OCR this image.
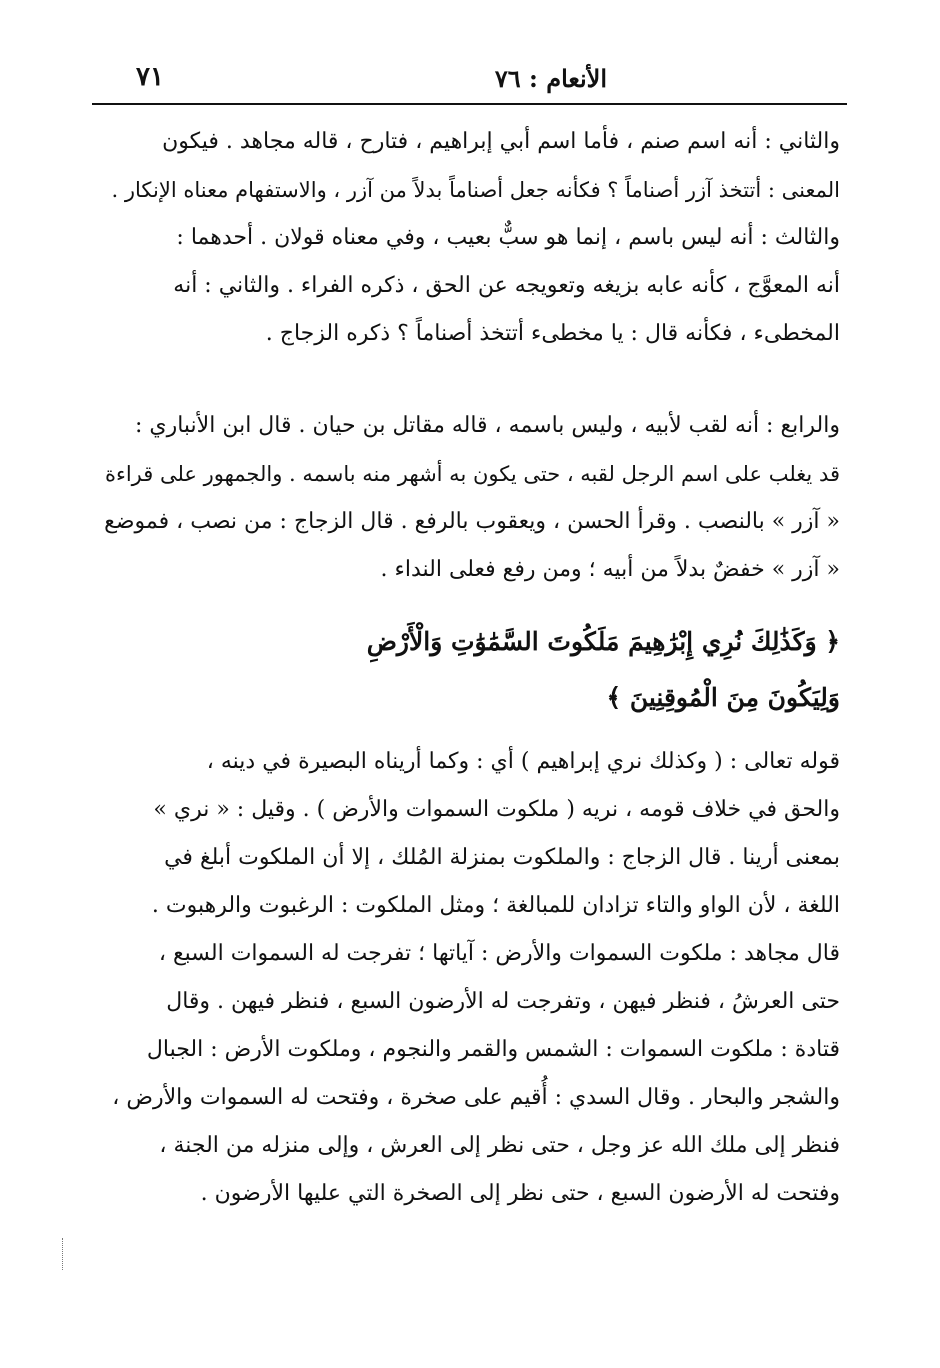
الأنعام : ٧٦
٧١
والثاني : أنه اسم صنم ، فأما اسم أبي إبراهيم ، فتارح ، قاله مجاهد . فيكون
المعنى : أتتخذ آزر أصناماً ؟ فكأنه جعل أصناماً بدلاً من آزر ، والاستفهام معناه الإنكار .
والثالث : أنه ليس باسم ، إنما هو سبٌّ بعيب ، وفي معناه قولان . أحدهما :
أنه المعوَّج ، كأنه عابه بزيغه وتعويجه عن الحق ، ذكره الفراء . والثاني : أنه
المخطىء ، فكأنه قال : يا مخطىء أتتخذ أصناماً ؟ ذكره الزجاج .
والرابع : أنه لقب لأبيه ، وليس باسمه ، قاله مقاتل بن حيان . قال ابن الأنباري :
قد يغلب على اسم الرجل لقبه ، حتى يكون به أشهر منه باسمه . والجمهور على قراءة
« آزر » بالنصب . وقرأ الحسن ، ويعقوب بالرفع . قال الزجاج : من نصب ، فموضع
« آزر » خفضٌ بدلاً من أبيه ؛ ومن رفع فعلى النداء .
﴿ وَكَذَٰلِكَ نُرِي إِبْرَٰهِيمَ مَلَكُوتَ السَّمَٰوَٰتِ وَالْأَرْضِ
وَلِيَكُونَ مِنَ الْمُوقِنِينَ ﴾
قوله تعالى : ( وكذلك نري إبراهيم ) أي : وكما أريناه البصيرة في دينه ،
والحق في خلاف قومه ، نريه ( ملكوت السموات والأرض ) . وقيل : « نري »
بمعنى أرينا . قال الزجاج : والملكوت بمنزلة المُلك ، إلا أن الملكوت أبلغ في
اللغة ، لأن الواو والتاء تزادان للمبالغة ؛ ومثل الملكوت : الرغبوت والرهبوت .
قال مجاهد : ملكوت السموات والأرض : آياتها ؛ تفرجت له السموات السبع ،
حتى العرشُ ، فنظر فيهن ، وتفرجت له الأرضون السبع ، فنظر فيهن . وقال
قتادة : ملكوت السموات : الشمس والقمر والنجوم ، وملكوت الأرض : الجبال
والشجر والبحار . وقال السدي : أُقيم على صخرة ، وفتحت له السموات والأرض ،
فنظر إلى ملك الله عز وجل ، حتى نظر إلى العرش ، وإلى منزله من الجنة ،
وفتحت له الأرضون السبع ، حتى نظر إلى الصخرة التي عليها الأرضون .
